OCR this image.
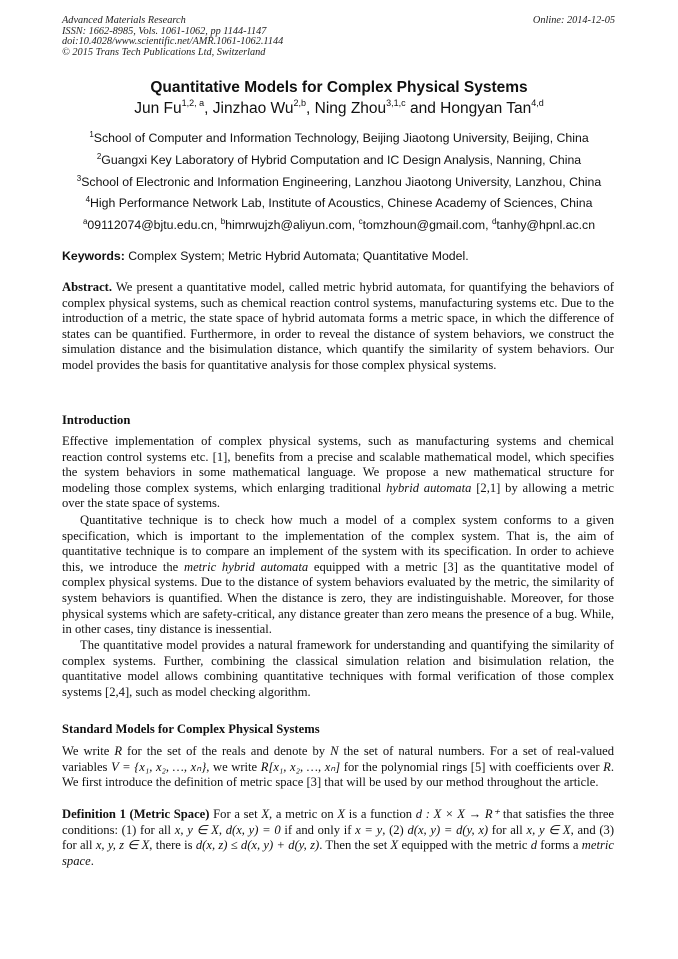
Advanced Materials Research
ISSN: 1662-8985, Vols. 1061-1062, pp 1144-1147
doi:10.4028/www.scientific.net/AMR.1061-1062.1144
© 2015 Trans Tech Publications Ltd, Switzerland
Online: 2014-12-05
Quantitative Models for Complex Physical Systems
Jun Fu$^{1,2, a}$, Jinzhao Wu$^{2,b}$, Ning Zhou$^{3,1,c}$ and Hongyan Tan$^{4,d}$
$^1$School of Computer and Information Technology, Beijing Jiaotong University, Beijing, China
$^2$Guangxi Key Laboratory of Hybrid Computation and IC Design Analysis, Nanning, China
$^3$School of Electronic and Information Engineering, Lanzhou Jiaotong University, Lanzhou, China
$^4$High Performance Network Lab, Institute of Acoustics, Chinese Academy of Sciences, China
$^a$09112074@bjtu.edu.cn, $^b$himrwujzh@aliyun.com, $^c$tomzhoun@gmail.com, $^d$tanhy@hpnl.ac.cn
Keywords: Complex System; Metric Hybrid Automata; Quantitative Model.
Abstract. We present a quantitative model, called metric hybrid automata, for quantifying the behaviors of complex physical systems, such as chemical reaction control systems, manufacturing systems etc. Due to the introduction of a metric, the state space of hybrid automata forms a metric space, in which the difference of states can be quantified. Furthermore, in order to reveal the distance of system behaviors, we construct the simulation distance and the bisimulation distance, which quantify the similarity of system behaviors. Our model provides the basis for quantitative analysis for those complex physical systems.
Introduction
Effective implementation of complex physical systems, such as manufacturing systems and chemical reaction control systems etc. [1], benefits from a precise and scalable mathematical model, which specifies the system behaviors in some mathematical language. We propose a new mathematical structure for modeling those complex systems, which enlarging traditional hybrid automata [2,1] by allowing a metric over the state space of systems.
Quantitative technique is to check how much a model of a complex system conforms to a given specification, which is important to the implementation of the complex system. That is, the aim of quantitative technique is to compare an implement of the system with its specification. In order to achieve this, we introduce the metric hybrid automata equipped with a metric [3] as the quantitative model of complex physical systems. Due to the distance of system behaviors evaluated by the metric, the similarity of system behaviors is quantified. When the distance is zero, they are indistinguishable. Moreover, for those physical systems which are safety-critical, any distance greater than zero means the presence of a bug. While, in other cases, tiny distance is inessential.
The quantitative model provides a natural framework for understanding and quantifying the similarity of complex systems. Further, combining the classical simulation relation and bisimulation relation, the quantitative model allows combining quantitative techniques with formal verification of those complex systems [2,4], such as model checking algorithm.
Standard Models for Complex Physical Systems
We write R for the set of the reals and denote by N the set of natural numbers. For a set of real-valued variables V = {x₁, x₂, …, xₙ}, we write R[x₁, x₂, …, xₙ] for the polynomial rings [5] with coefficients over R. We first introduce the definition of metric space [3] that will be used by our method throughout the article.
Definition 1 (Metric Space) For a set X, a metric on X is a function d : X × X → R⁺ that satisfies the three conditions: (1) for all x, y ∈ X, d(x, y) = 0 if and only if x = y, (2) d(x, y) = d(y, x) for all x, y ∈ X, and (3) for all x, y, z ∈ X, there is d(x, z) ≤ d(x, y) + d(y, z). Then the set X equipped with the metric d forms a metric space.
